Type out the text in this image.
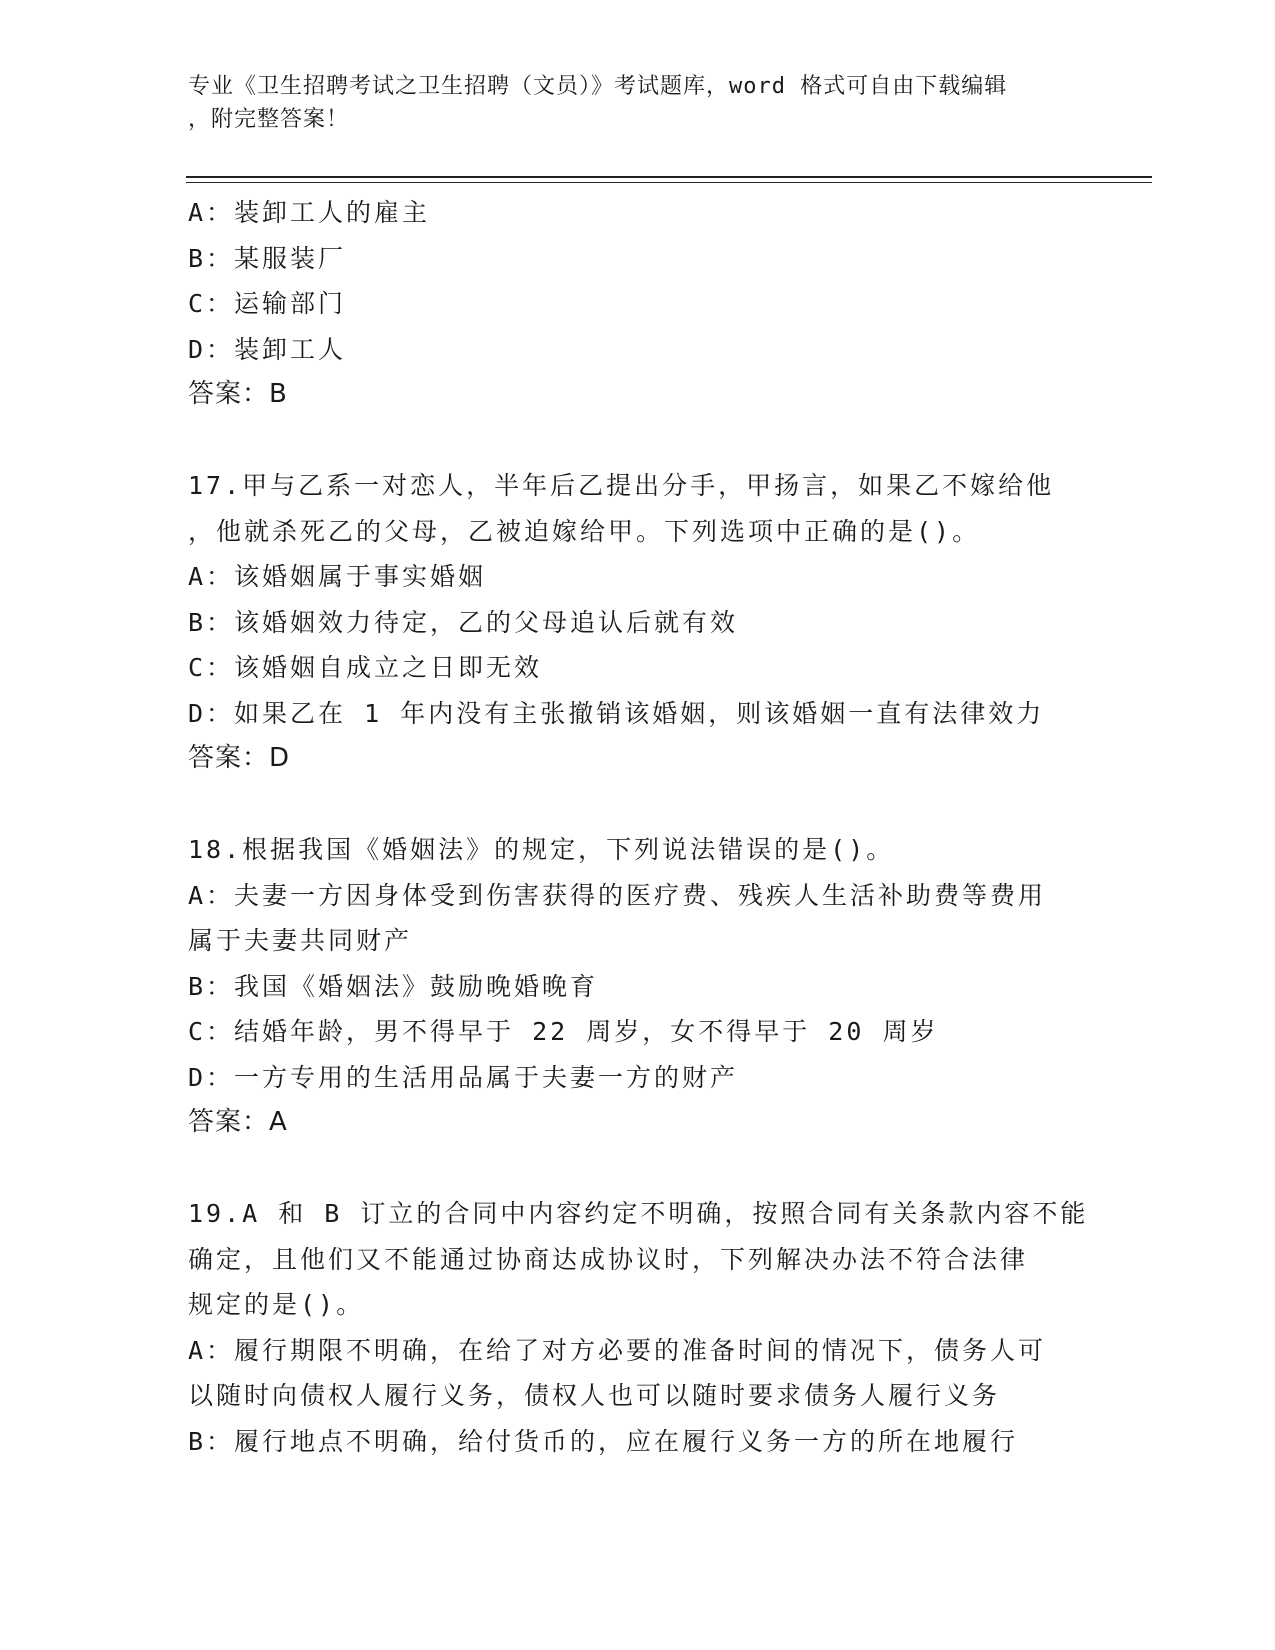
专业《卫生招聘考试之卫生招聘（文员）》考试题库，word 格式可自由下载编辑
，附完整答案！
A：装卸工人的雇主
B：某服装厂
C：运输部门
D：装卸工人
答案：B
17.甲与乙系一对恋人，半年后乙提出分手，甲扬言，如果乙不嫁给他
，他就杀死乙的父母，乙被迫嫁给甲。下列选项中正确的是()。
A：该婚姻属于事实婚姻
B：该婚姻效力待定，乙的父母追认后就有效
C：该婚姻自成立之日即无效
D：如果乙在 1 年内没有主张撤销该婚姻，则该婚姻一直有法律效力
答案：D
18.根据我国《婚姻法》的规定，下列说法错误的是()。
A：夫妻一方因身体受到伤害获得的医疗费、残疾人生活补助费等费用
属于夫妻共同财产
B：我国《婚姻法》鼓励晚婚晚育
C：结婚年龄，男不得早于 22 周岁，女不得早于 20 周岁
D：一方专用的生活用品属于夫妻一方的财产
答案：A
19.A 和 B 订立的合同中内容约定不明确，按照合同有关条款内容不能
确定，且他们又不能通过协商达成协议时，下列解决办法不符合法律
规定的是()。
A：履行期限不明确，在给了对方必要的准备时间的情况下，债务人可
以随时向债权人履行义务，债权人也可以随时要求债务人履行义务
B：履行地点不明确，给付货币的，应在履行义务一方的所在地履行
